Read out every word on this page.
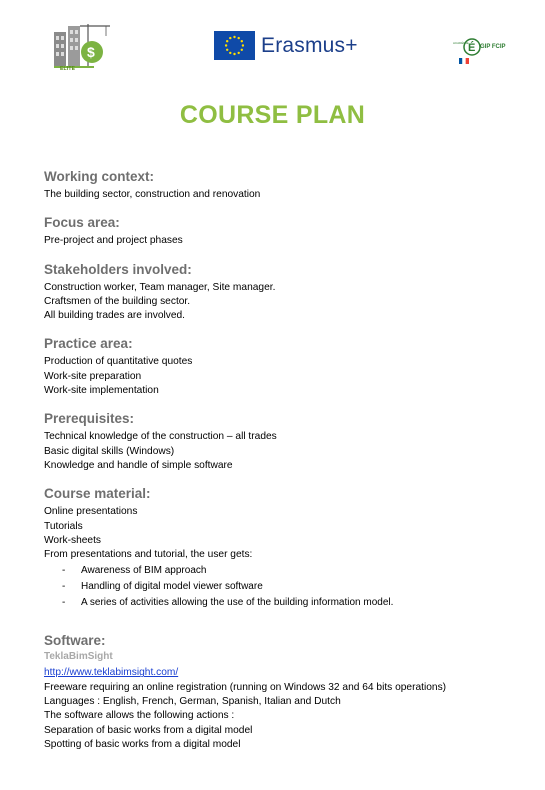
$
ELITE
Erasmus+	ACADÉMIE É GIP FCIP
COURSE PLAN

Working context:

The building sector, construction and renovation

Focus area:

Pre-project and project phases

Stakeholders involved:

Construction worker, Team manager, Site manager.

Craftsmen of the building sector.

All building trades are involved.

Practice area:

Production of quantitative quotes

Work-site preparation

Work-site implementation

Prerequisites:

Technical knowledge of the construction – all trades

Basic digital skills (Windows)

Knowledge and handle of simple software

Course material:

Online presentations

Tutorials

Work-sheets

From presentations and tutorial, the user gets:

- Awareness of BIM approach
- Handling of digital model viewer software
- A series of activities allowing the use of the building information model.

Software:

TeklaBimSight

http://www.teklabimsight.com/

Freeware requiring an online registration (running on Windows 32 and 64 bits operations)

Languages : English, French, German, Spanish, Italian and Dutch

The software allows the following actions :

Separation of basic works from a digital model

Spotting of basic works from a digital model
